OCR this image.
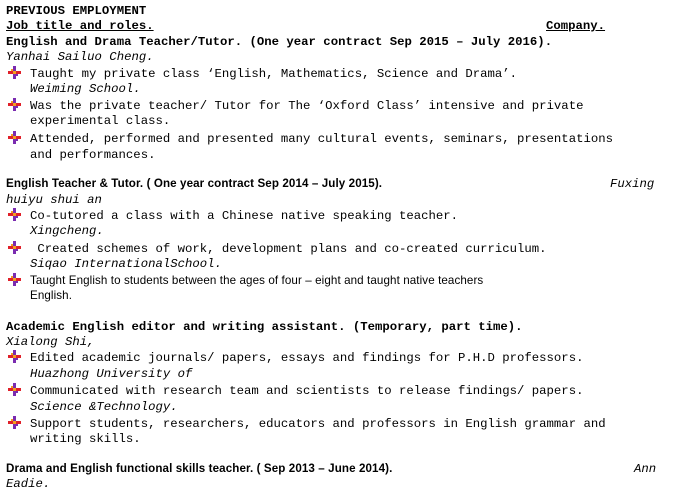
PREVIOUS EMPLOYMENT
Job title and roles.	Company.
English and Drama Teacher/Tutor. (One year contract Sep 2015 – July 2016).
Yanhai Sailuo Cheng.
Taught my private class ‘English, Mathematics, Science and Drama’.
Weiming School.
Was the private teacher/ Tutor for The ‘Oxford Class’ intensive and private
experimental class.
Attended, performed and presented many cultural events, seminars, presentations
and performances.
English Teacher & Tutor. ( One year contract Sep 2014 – July 2015).	Fuxing
huiyu shui an
Co-tutored a class with a Chinese native speaking teacher.
Xingcheng.
Created schemes of work, development plans and co-created curriculum.
Siqao InternationalSchool.
Taught English to students between the ages of four – eight and taught native teachers
English.
Academic English editor and writing assistant. (Temporary, part time).
Xialong Shi,
Edited academic journals/ papers, essays and findings for P.H.D professors.
Huazhong University of
Communicated with research team and scientists to release findings/ papers.
Science &Technology.
Support students, researchers, educators and professors in English grammar and
writing skills.
Drama and English functional skills teacher. ( Sep 2013 – June 2014).	Ann
Eadie.
